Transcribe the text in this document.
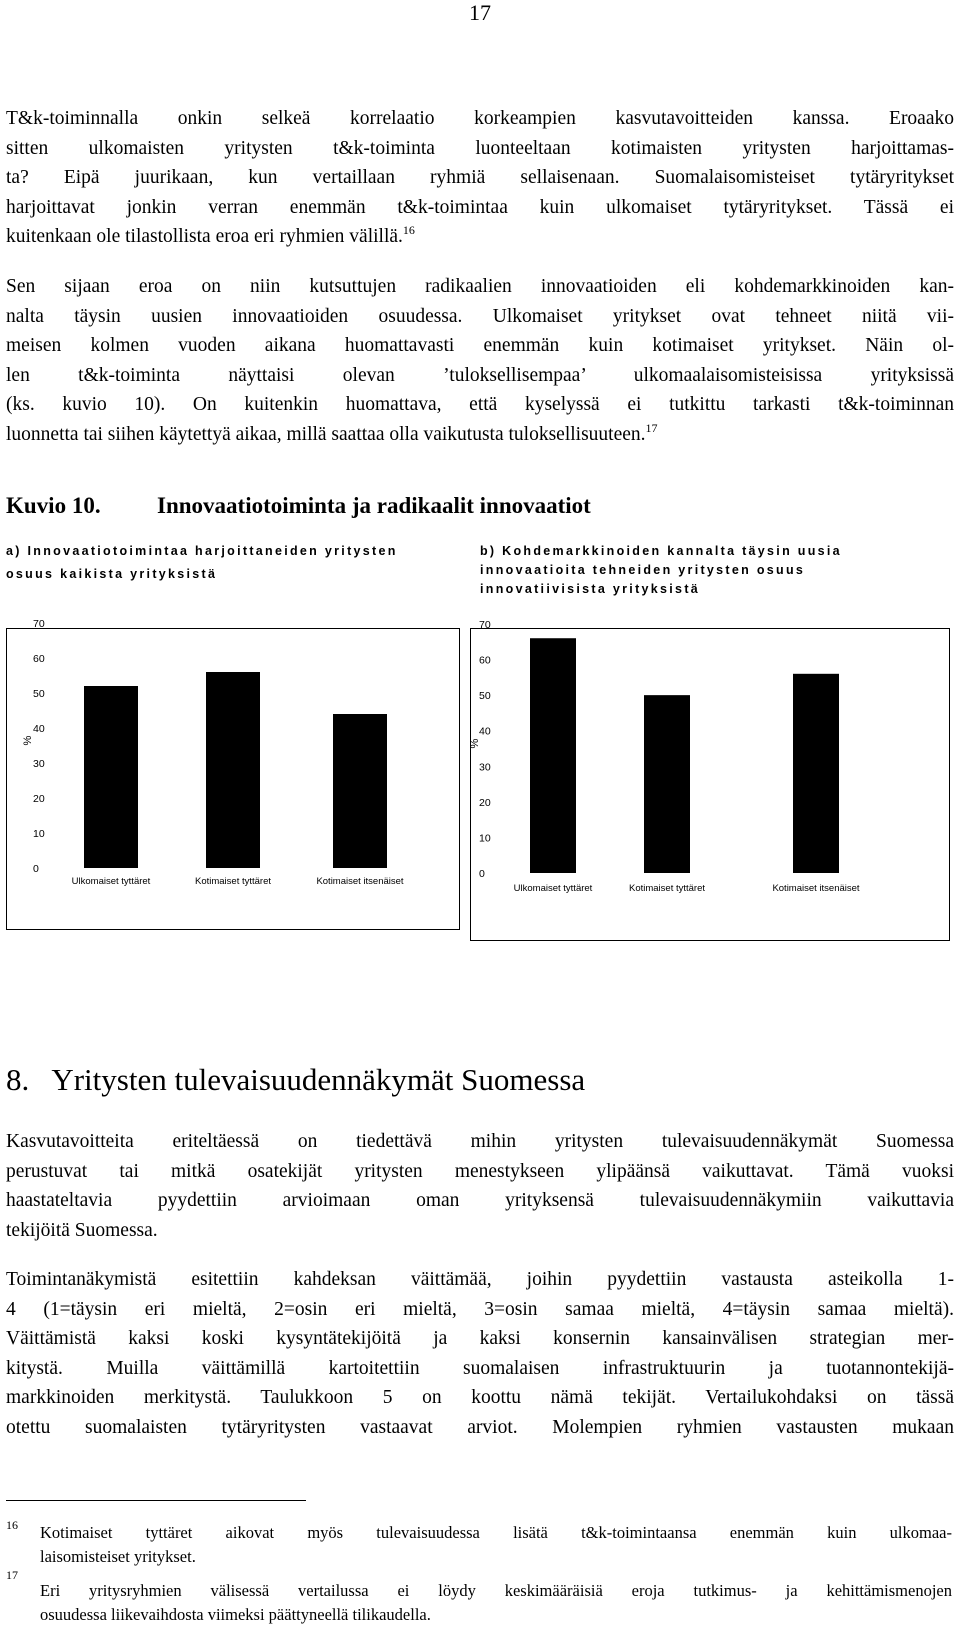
17
T&k-toiminnalla onkin selkeä korrelaatio korkeampien kasvutavoitteiden kanssa. Eroaako
sitten ulkomaisten yritysten t&k-toiminta luonteeltaan kotimaisten yritysten harjoittamas-
ta? Eipä juurikaan, kun vertaillaan ryhmiä sellaisenaan. Suomalaisomisteiset tytäryritykset
harjoittavat jonkin verran enemmän t&k-toimintaa kuin ulkomaiset tytäryritykset. Tässä ei
kuitenkaan ole tilastollista eroa eri ryhmien välillä.$^{16}$
Sen sijaan eroa on niin kutsuttujen radikaalien innovaatioiden eli kohdemarkkinoiden kan-
nalta täysin uusien innovaatioiden osuudessa. Ulkomaiset yritykset ovat tehneet niitä vii-
meisen kolmen vuoden aikana huomattavasti enemmän kuin kotimaiset yritykset. Näin ol-
len t&k-toiminta näyttaisi olevan ’tuloksellisempaa’ ulkomaalaisomisteisissa yrityksissä
(ks. kuvio 10). On kuitenkin huomattava, että kyselyssä ei tutkittu tarkasti t&k-toiminnan
luonnetta tai siihen käytettyä aikaa, millä saattaa olla vaikutusta tuloksellisuuteen.$^{17}$
Kuvio 10. Innovaatiotoiminta ja radikaalit innovaatiot
a) Innovaatiotoimintaa harjoittaneiden yritysten
osuus kaikista yrityksistä
b) Kohdemarkkinoiden kannalta täysin uusia
innovaatioita tehneiden yritysten osuus
innovatiivisista yrityksistä
0
10
20
30
40
50
60
70
%
Ulkomaiset tyttäret	Kotimaiset tyttäret	Kotimaiset itsenäiset
0
10
20
30
40
50
60
70
%
Ulkomaiset tyttäret	Kotimaiset tyttäret	Kotimaiset itsenäiset
8.   Yritysten tulevaisuudennäkymät Suomessa
Kasvutavoitteita eriteltäessä on tiedettävä mihin yritysten tulevaisuudennäkymät Suomessa
perustuvat tai mitkä osatekijät yritysten menestykseen ylipäänsä vaikuttavat. Tämä vuoksi
haastateltavia pyydettiin arvioimaan oman yrityksensä tulevaisuudennäkymiin vaikuttavia
tekijöitä Suomessa.
Toimintanäkymistä esitettiin kahdeksan väittämää, joihin pyydettiin vastausta asteikolla 1-
4 (1=täysin eri mieltä, 2=osin eri mieltä, 3=osin samaa mieltä, 4=täysin samaa mieltä).
Väittämistä kaksi koski kysyntätekijöitä ja kaksi konsernin kansainvälisen strategian mer-
kitystä. Muilla väittämillä kartoitettiin suomalaisen infrastruktuurin ja tuotannontekijä-
markkinoiden merkitystä. Taulukkoon 5 on koottu nämä tekijät. Vertailukohdaksi on tässä
otettu suomalaisten tytäryritysten vastaavat arviot. Molempien ryhmien vastausten mukaan
16 Kotimaiset tyttäret aikovat myös tulevaisuudessa lisätä t&k-toimintaansa enemmän kuin ulkomaa-
laisomisteiset yritykset.
17
Eri yritysryhmien välisessä vertailussa ei löydy keskimääräisiä eroja tutkimus- ja kehittämismenojen
osuudessa liikevaihdosta viimeksi päättyneellä tilikaudella.
